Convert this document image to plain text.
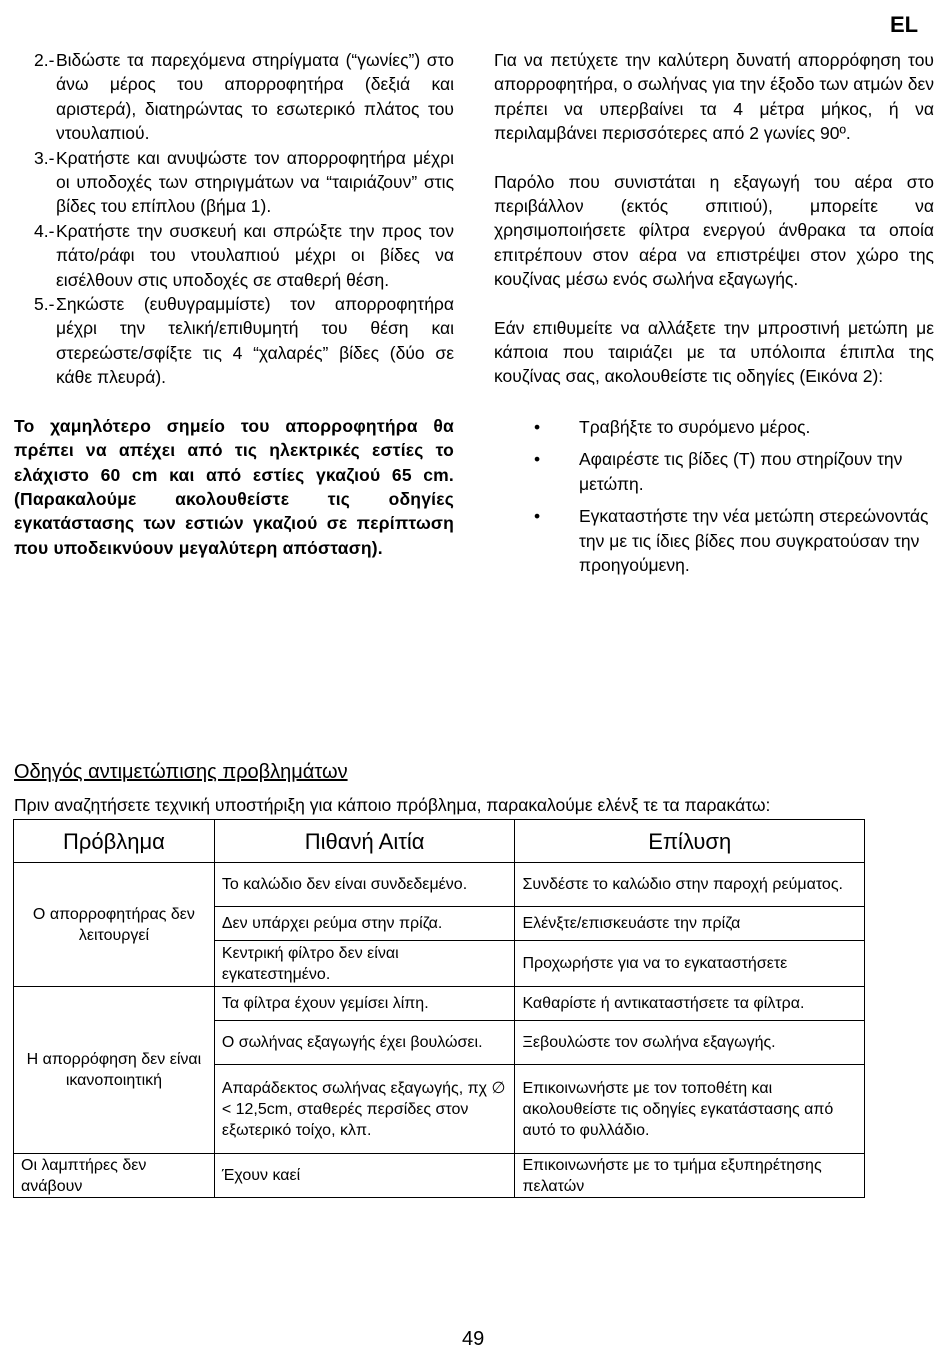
EL
2.- Βιδώστε τα παρεχόμενα στηρίγματα (“γωνίες”) στο άνω μέρος του απορροφητήρα (δεξιά και αριστερά), διατηρώντας το εσωτερικό πλάτος του ντουλαπιού.
3.- Κρατήστε και ανυψώστε τον απορροφητήρα μέχρι οι υποδοχές των στηριγμάτων να “ταιριάζουν” στις βίδες του επίπλου (βήμα 1).
4.- Κρατήστε την συσκευή και σπρώξτε την προς τον πάτο/ράφι του ντουλαπιού μέχρι οι βίδες να εισέλθουν στις υποδοχές σε σταθερή θέση.
5.- Σηκώστε (ευθυγραμμίστε) τον απορροφητήρα μέχρι την τελική/επιθυμητή του θέση και στερεώστε/σφίξτε τις 4 “χαλαρές” βίδες (δύο σε κάθε πλευρά).
Το χαμηλότερο σημείο του απορροφητήρα θα πρέπει να απέχει από τις ηλεκτρικές εστίες το ελάχιστο 60 cm και από εστίες γκαζιού 65 cm. (Παρακαλούμε ακολουθείστε τις οδηγίες εγκατάστασης των εστιών γκαζιού σε περίπτωση που υποδεικνύουν μεγαλύτερη απόσταση).

Για να πετύχετε την καλύτερη δυνατή απορρόφηση του απορροφητήρα, ο σωλήνας για την έξοδο των ατμών δεν πρέπει να υπερβαίνει τα 4 μέτρα μήκος, ή να περιλαμβάνει περισσότερες από 2 γωνίες 90º.

Παρόλο που συνιστάται η εξαγωγή του αέρα στο περιβάλλον (εκτός σπιτιού), μπορείτε να χρησιμοποιήσετε φίλτρα ενεργού άνθρακα τα οποία επιτρέπουν στον αέρα να επιστρέψει στον χώρο της κουζίνας μέσω ενός σωλήνα εξαγωγής.

Εάν επιθυμείτε να αλλάξετε την μπροστινή μετώπη με κάποια που ταιριάζει με τα υπόλοιπα έπιπλα της κουζίνας σας, ακολουθείστε τις οδηγίες (Εικόνα 2):

• Τραβήξτε το συρόμενο μέρος.
• Αφαιρέστε τις βίδες (T) που στηρίζουν την μετώπη.
• Εγκαταστήστε την νέα μετώπη στερεώνοντάς την με τις ίδιες βίδες που συγκρατούσαν την προηγούμενη.
Οδηγός αντιμετώπισης προβλημάτων
Πριν αναζητήσετε τεχνική υποστήριξη για κάποιο πρόβλημα, παρακαλούμε ελένξ τε τα παρακάτω:
Πρόβλημα	Πιθανή Αιτία	Επίλυση
Ο απορροφητήρας δεν λειτουργεί	Το καλώδιο δεν είναι συνδεδεμένο.	Συνδέστε το καλώδιο στην παροχή ρεύματος.
	Δεν υπάρχει ρεύμα στην πρίζα.	Ελένξτε/επισκευάστε την πρίζα
	Κεντρική φίλτρο δεν είναι εγκατεστημένο.	Προχωρήστε για να το εγκαταστήσετε
Η απορρόφηση δεν είναι ικανοποιητική	Τα φίλτρα έχουν γεμίσει λίπη.	Καθαρίστε ή αντικαταστήσετε τα φίλτρα.
	Ο σωλήνας εξαγωγής έχει βουλώσει.	Ξεβουλώστε τον σωλήνα εξαγωγής.
	Απαράδεκτος σωλήνας εξαγωγής, πχ ∅ < 12,5cm, σταθερές περσίδες στον εξωτερικό τοίχο, κλπ.	Επικοινωνήστε με τον τοποθέτη και ακολουθείστε τις οδηγίες εγκατάστασης από αυτό το φυλλάδιο.
Οι λαμπτήρες δεν ανάβουν	Έχουν καεί	Επικοινωνήστε με το τμήμα εξυπηρέτησης πελατών
49
